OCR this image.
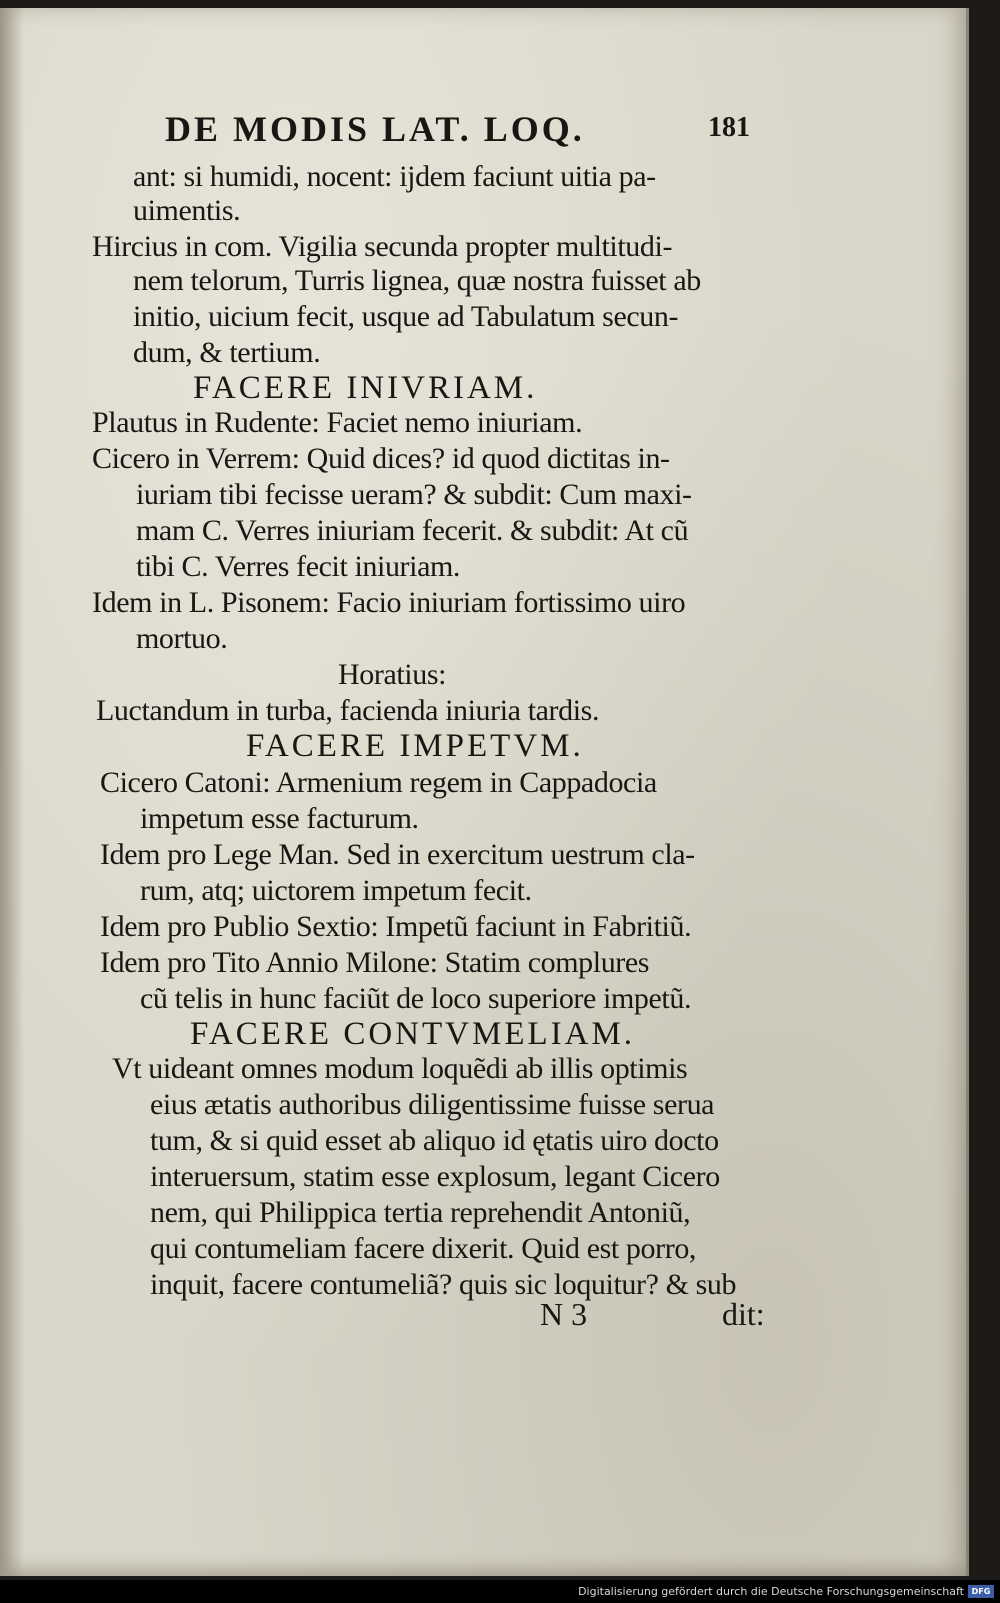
DE MODIS LAT. LOQ.	181
ant: si humidi, nocent: ijdem faciunt uitia pa-
uimentis.
Hircius in com. Vigilia secunda propter multitudi-
nem telorum, Turris lignea, quæ nostra fuisset ab
initio, uicium fecit, usque ad Tabulatum secun-
dum, & tertium.
FACERE INIVRIAM.
Plautus in Rudente: Faciet nemo iniuriam.
Cicero in Verrem: Quid dices? id quod dictitas in-
iuriam tibi fecisse ueram? & subdit: Cum maxi-
mam C. Verres iniuriam fecerit. & subdit: At cũ
tibi C. Verres fecit iniuriam.
Idem in L. Pisonem: Facio iniuriam fortissimo uiro
mortuo.
Horatius:
Luctandum in turba, facienda iniuria tardis.
FACERE IMPETVM.
Cicero Catoni: Armenium regem in Cappadocia
impetum esse facturum.
Idem pro Lege Man. Sed in exercitum uestrum cla-
rum, atq; uictorem impetum fecit.
Idem pro Publio Sextio: Impetũ faciunt in Fabritiũ.
Idem pro Tito Annio Milone: Statim complures
cũ telis in hunc faciũt de loco superiore impetũ.
FACERE CONTVMELIAM.
Vt uideant omnes modum loquẽdi ab illis optimis
eius ætatis authoribus diligentissime fuisse serua
tum, & si quid esset ab aliquo id ętatis uiro docto
interuersum, statim esse explosum, legant Cicero
nem, qui Philippica tertia reprehendit Antoniũ,
qui contumeliam facere dixerit. Quid est porro,
inquit, facere contumeliã? quis sic loquitur? & sub
N 3	dit:
Digitalisierung gefördert durch die Deutsche Forschungsgemeinschaft DFG
